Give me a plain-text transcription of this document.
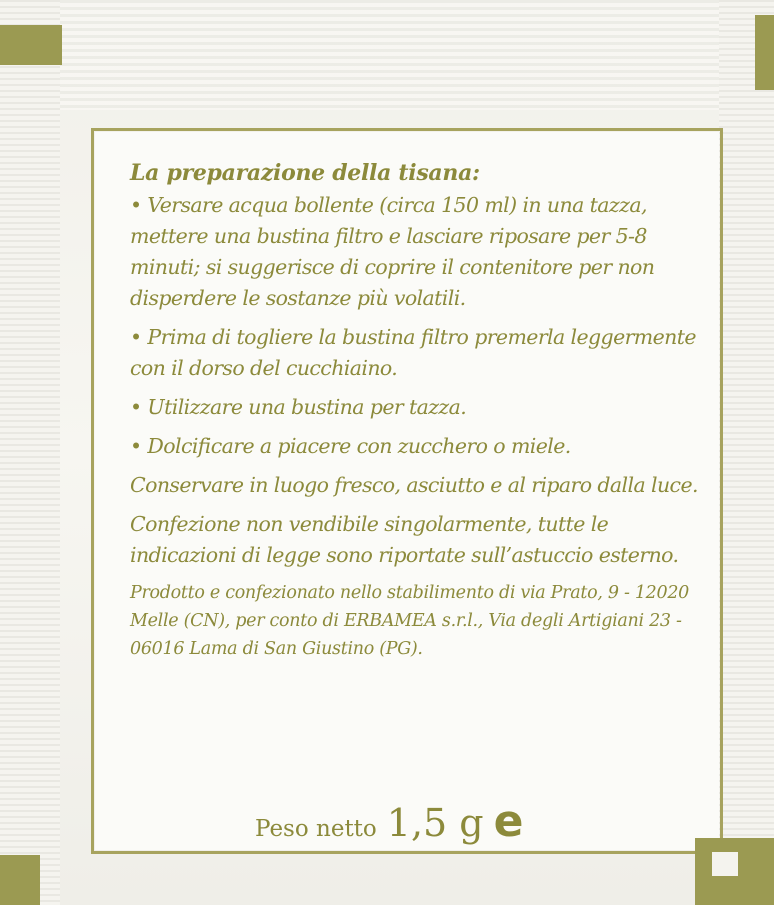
La preparazione della tisana:

• Versare acqua bollente (circa 150 ml) in una tazza, mettere una bustina filtro e lasciare riposare per 5-8 minuti; si suggerisce di coprire il contenitore per non disperdere le sostanze più volatili.

• Prima di togliere la bustina filtro premerla leggermente con il dorso del cucchiaino.

• Utilizzare una bustina per tazza.

• Dolcificare a piacere con zucchero o miele.

Conservare in luogo fresco, asciutto e al riparo dalla luce.

Confezione non vendibile singolarmente, tutte le indicazioni di legge sono riportate sull’astuccio esterno.

Prodotto e confezionato nello stabilimento di via Prato, 9 - 12020 Melle (CN), per conto di ERBAMEA s.r.l., Via degli Artigiani 23 - 06016 Lama di San Giustino (PG).

Peso netto 1,5 g e
